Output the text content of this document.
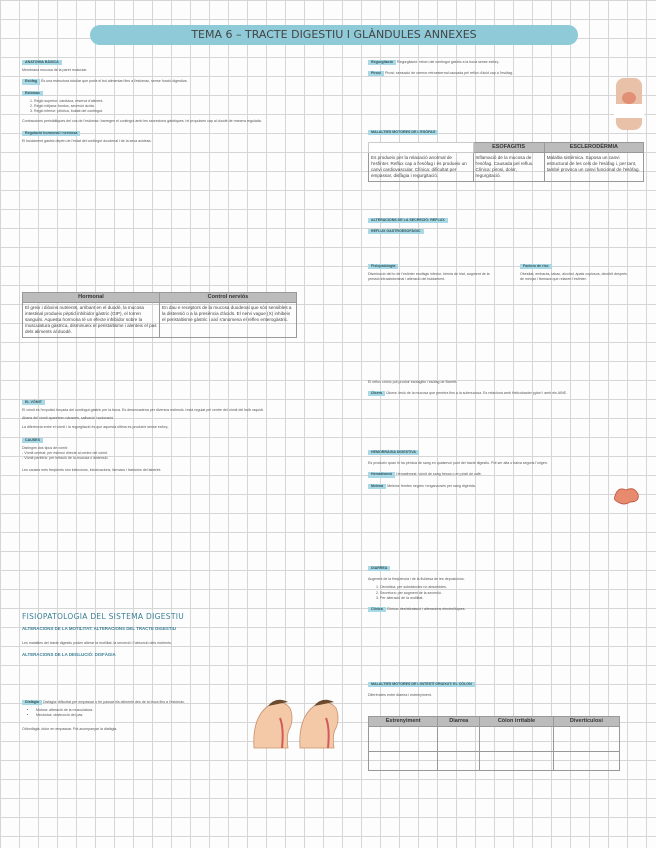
TEMA 6 – TRACTE DIGESTIU I GLÀNDULES ANNEXES
ANATOMIA BÀSICA
Membrana mucosa de la paret muscular.
Esòfag És una estructura tubular que porta el bol alimentari fins a l'estómac, sense funció digestiva.
Estómac
1. Regió superior: cardíaca, reserva d'aliment.
2. Regió mitjana: fundus, secreció àcida.
3. Regió inferior: pilòrica, buidat del contingut.
Contraccions peristàltiques del cos de l'estómac: barregen el contingut amb les secrecions gàstriques i el propulsen cap al duodè de manera regulada.
Regulació hormonal i nerviosa
El buidament gàstric depèn de l'estat del contingut duodenal i de la seva acidesa.
Hormonal	Control nerviós
El greix i diòxins nutrients, arribant en el duodè, la mucosa intestinal produeix pèptid inhibidor gàstric (GIP), el torren sanguini. Aquesta hormona té un efecte inhibidor sobre la musculatura gàstrica, disminueix el peristaltisme i alenteix el pas dels aliments al duodè.	En dau e receptors de la mucosa duodenal que són sensibles a la distensió o a la presència d'àcids. El nervi vague (X) inhibeix el peristaltisme gàstric i així s'anomena el reflex enterogàstric.
EL VÒMIT
El vòmit és l'expulsió forçada del contingut gàstric per la boca. Es desencadena per diversos estímuls i està regulat pel centre del vòmit del bulb raquidi.
Abans del vòmit apareixen nàusees, salivació i sudoració.
La diferència entre el vòmit i la regurgitació és que aquesta última es produeix sense esforç.
CAUSES
Distingim dos tipus de vòmit:
- Vòmit central: per estímul directe al centre del vòmit.
- Vòmit perifèric: per irritació de la mucosa o distensió.
Les causes més freqüents són infeccions, intoxicacions, fàrmacs i trastorns del laberint.
FISIOPATOLOGIA DEL SISTEMA DIGESTIU
ALTERACIONS DE LA MOTILITAT: ALTERACIONS DEL TRACTE DIGESTIU
Les malalties del tracte digestiu poden alterar la motilitat, la secreció i l'absorció dels nutrients.
ALTERACIONS DE LA DEGLUCIÓ: DISFÀGIA
Disfàgia Disfàgia: dificultat per empassar o fer passar els aliments des de la boca fins a l'estómac.
• Motora: alteració de la musculatura.
• Mecànica: obstrucció del pas.
Odinofàgia: dolor en empassar. Pot acompanyar la disfàgia.
Regurgitació Regurgitació: retorn del contingut gàstric a la boca sense esforç.
Pirosi Pirosi: sensació de cremor retroesternal causada pel reflux d'àcid cap a l'esòfag.
MALALTIES MOTORES DE L'ESÒFAG
	ESOFAGITIS	ESCLERODÈRMIA
Es produeix per la relaxació anormal de l'esfínter. Reflux cap a l'esòfag i és produeix un canvi cardiovascular. Clínica: dificultat per empassar, disfàgia i regurgitació.	Inflamació de la mucosa de l'esòfag. Causada pel reflux. Clínica: pirosi, dolor, regurgitació.	Malaltia sistèmica. Suposa un canvi estructural de les cels de l'esòfag i, per tant, també provoca un canvi funcional de l'esòfag.
ALTERACIONS DE LA SECRECIÓ: REFLUX
REFLUX GASTROESOFÀGIC
Fisiopatologia
Disminució del to de l'esfínter esofàgic inferior, hèrnia de hiat, augment de la pressió intraabdominal i alteració del buidament.
Factors de risc
Obesitat, embaràs, tabac, alcohol, àpats copiosos, decúbit després de menjar i fàrmacs que relaxen l'esfínter.
El reflux crònic pot produir esofagitis i esòfag de Barrett.
Úlcera Úlcera: lesió de la mucosa que penetra fins a la submucosa. Es relaciona amb Helicobacter pylori i amb els AINE.
HEMORRÀGIA DIGESTIVA
Es produeix quan hi ha pèrdua de sang en qualsevol punt del tracte digestiu. Pot ser alta o baixa segons l'origen.
Hematèmesi Hematèmesi: vòmit de sang fresca o en pòsit de cafè.
Melena Melena: femtes negres i enganxoses per sang digerida.
DIARREA
Augment de la freqüència i de la fluïdesa de les deposicions.
1. Osmòtica: per substàncies no absorbides.
2. Secretora: per augment de la secreció.
3. Per alteració de la motilitat.
Clínica Clínica: deshidratació i alteracions electrolítiques.
MALALTIES MOTORES DE L'INTESTÍ GRUIXUT: EL CÒLON
Diferències entre diarrea i estrenyiment.
Estrenyiment	Diarrea	Còlon irritable	Diverticulosi
